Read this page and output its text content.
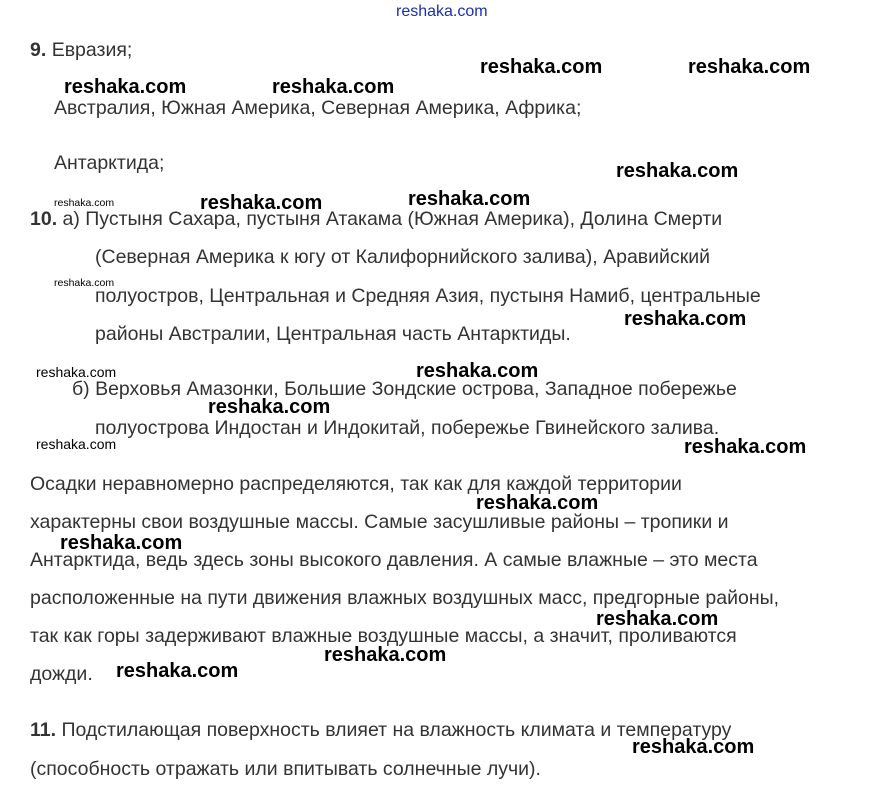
reshaka.com
9. Евразия;
Австралия, Южная Америка, Северная Америка, Африка;
Антарктида;
10. а) Пустыня Сахара, пустыня Атакама (Южная Америка), Долина Смерти
(Северная Америка к югу от Калифорнийского залива), Аравийский
полуостров, Центральная и Средняя Азия, пустыня Намиб, центральные
районы Австралии, Центральная часть Антарктиды.
б) Верховья Амазонки, Большие Зондские острова, Западное побережье
полуострова Индостан и Индокитай, побережье Гвинейского залива.
Осадки неравномерно распределяются, так как для каждой территории
характерны свои воздушные массы. Самые засушливые районы – тропики и
Антарктида, ведь здесь зоны высокого давления. А самые влажные – это места
расположенные на пути движения влажных воздушных масс, предгорные районы,
так как горы задерживают влажные воздушные массы, а значит, проливаются
дожди.
11. Подстилающая поверхность влияет на влажность климата и температуру
(способность отражать или впитывать солнечные лучи).
reshaka.com	reshaka.com
reshaka.com	reshaka.com
reshaka.com
reshaka.com	reshaka.com	reshaka.com
reshaka.com
reshaka.com
reshaka.com	reshaka.com
reshaka.com
reshaka.com	reshaka.com
reshaka.com
reshaka.com
reshaka.com
reshaka.com
reshaka.com
reshaka.com
